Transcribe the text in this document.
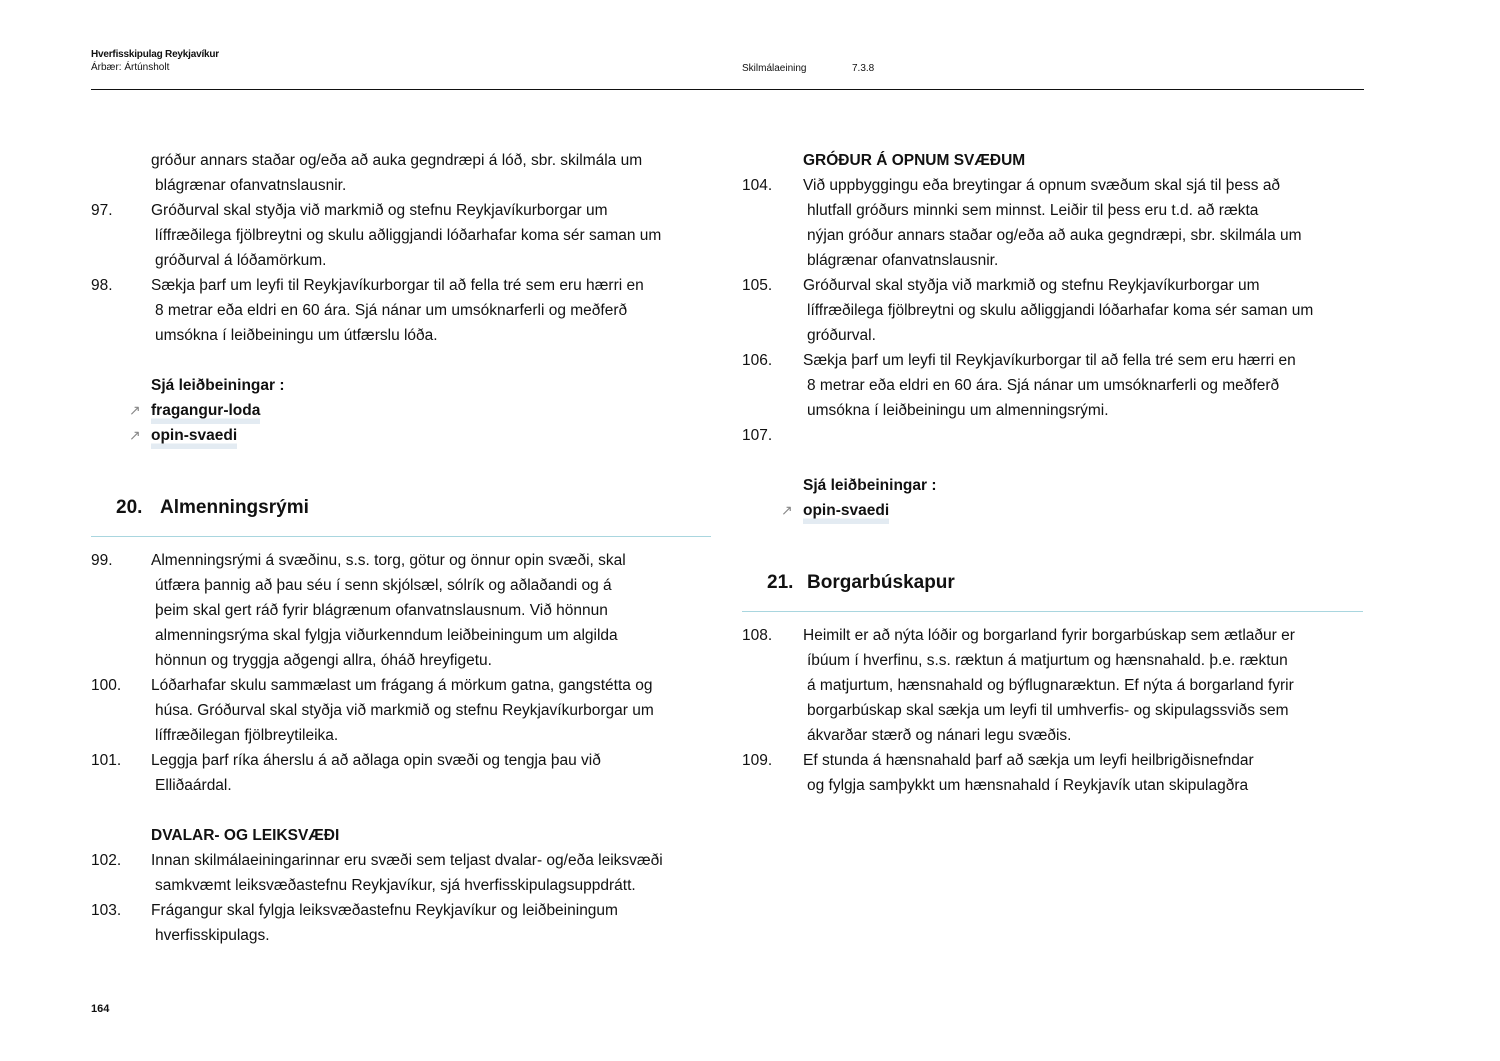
Hverfisskipulag Reykjavíkur
Árbær: Ártúnsholt	Skilmálaeining	7.3.8
gróður annars staðar og/eða að auka gegndræpi á lóð, sbr. skilmála um
blágrænar ofanvatnslausnir.
97. Gróðurval skal styðja við markmið og stefnu Reykjavíkurborgar um
líffræðilega fjölbreytni og skulu aðliggjandi lóðarhafar koma sér saman um
gróðurval á lóðamörkum.
98. Sækja þarf um leyfi til Reykjavíkurborgar til að fella tré sem eru hærri en
8 metrar eða eldri en 60 ára. Sjá nánar um umsóknarferli og meðferð
umsókna í leiðbeiningu um útfærslu lóða.
Sjá leiðbeiningar :
↗ fragangur-loda
↗ opin-svaedi
99. Almenningsrými á svæðinu, s.s. torg, götur og önnur opin svæði, skal
útfæra þannig að þau séu í senn skjólsæl, sólrík og aðlaðandi og á
þeim skal gert ráð fyrir blágrænum ofanvatnslausnum. Við hönnun
almenningsrýma skal fylgja viðurkenndum leiðbeiningum um algilda
hönnun og tryggja aðgengi allra, óháð hreyfigetu.
100. Lóðarhafar skulu sammælast um frágang á mörkum gatna, gangstétta og
húsa. Gróðurval skal styðja við markmið og stefnu Reykjavíkurborgar um
líffræðilegan fjölbreytileika.
101. Leggja þarf ríka áherslu á að aðlaga opin svæði og tengja þau við
Elliðaárdal.
DVALAR- OG LEIKSVÆÐI
102. Innan skilmálaeiningarinnar eru svæði sem teljast dvalar- og/eða leiksvæði
samkvæmt leiksvæðastefnu Reykjavíkur, sjá hverfisskipulagsuppdrátt.
103. Frágangur skal fylgja leiksvæðastefnu Reykjavíkur og leiðbeiningum
hverfisskipulags.
GRÓÐUR Á OPNUM SVÆÐUM
104. Við uppbyggingu eða breytingar á opnum svæðum skal sjá til þess að
hlutfall gróðurs minnki sem minnst. Leiðir til þess eru t.d. að rækta
nýjan gróður annars staðar og/eða að auka gegndræpi, sbr. skilmála um
blágrænar ofanvatnslausnir.
105. Gróðurval skal styðja við markmið og stefnu Reykjavíkurborgar um
líffræðilega fjölbreytni og skulu aðliggjandi lóðarhafar koma sér saman um
gróðurval.
106. Sækja þarf um leyfi til Reykjavíkurborgar til að fella tré sem eru hærri en
8 metrar eða eldri en 60 ára. Sjá nánar um umsóknarferli og meðferð
umsókna í leiðbeiningu um almenningsrými.
107.
Sjá leiðbeiningar :
↗ opin-svaedi
108. Heimilt er að nýta lóðir og borgarland fyrir borgarbúskap sem ætlaður er
íbúum í hverfinu, s.s. ræktun á matjurtum og hænsnahald. þ.e. ræktun
á matjurtum, hænsnahald og býflugnaræktun. Ef nýta á borgarland fyrir
borgarbúskap skal sækja um leyfi til umhverfis- og skipulagssviðs sem
ákvarðar stærð og nánari legu svæðis.
109. Ef stunda á hænsnahald þarf að sækja um leyfi heilbrigðisnefndar
og fylgja samþykkt um hænsnahald í Reykjavík utan skipulagðra
20. Almenningsrými
21. Borgarbúskapur
164
